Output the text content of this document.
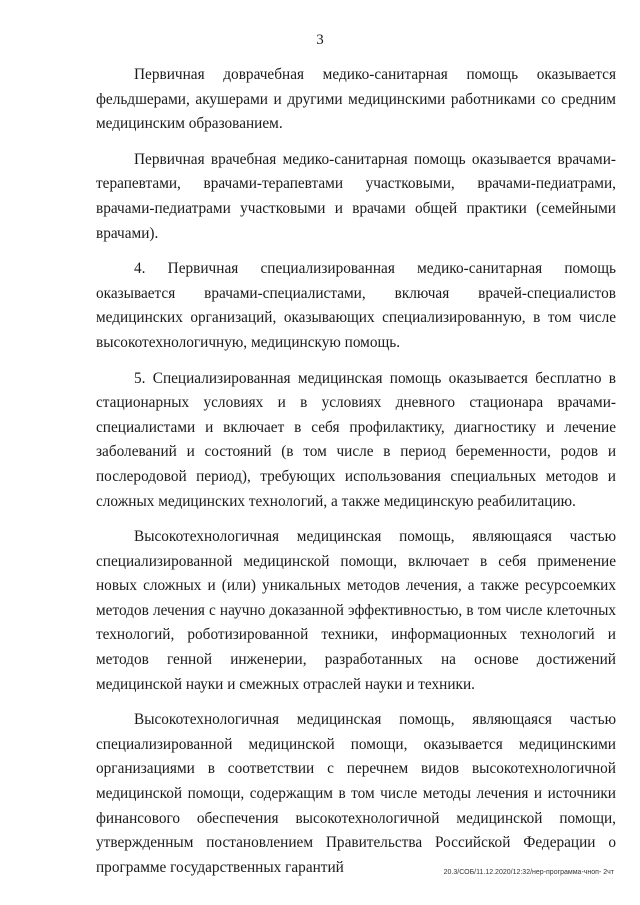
3

Первичная доврачебная медико-санитарная помощь оказывается фельдшерами, акушерами и другими медицинскими работниками со средним медицинским образованием.

Первичная врачебная медико-санитарная помощь оказывается врачами-терапевтами, врачами-терапевтами участковыми, врачами-педиатрами, врачами-педиатрами участковыми и врачами общей практики (семейными врачами).

4. Первичная специализированная медико-санитарная помощь оказывается врачами-специалистами, включая врачей-специалистов медицинских организаций, оказывающих специализированную, в том числе высокотехнологичную, медицинскую помощь.

5. Специализированная медицинская помощь оказывается бесплатно в стационарных условиях и в условиях дневного стационара врачами-специалистами и включает в себя профилактику, диагностику и лечение заболеваний и состояний (в том числе в период беременности, родов и послеродовой период), требующих использования специальных методов и сложных медицинских технологий, а также медицинскую реабилитацию.

Высокотехнологичная медицинская помощь, являющаяся частью специализированной медицинской помощи, включает в себя применение новых сложных и (или) уникальных методов лечения, а также ресурсоемких методов лечения с научно доказанной эффективностью, в том числе клеточных технологий, роботизированной техники, информационных технологий и методов генной инженерии, разработанных на основе достижений медицинской науки и смежных отраслей науки и техники.

Высокотехнологичная медицинская помощь, являющаяся частью специализированной медицинской помощи, оказывается медицинскими организациями в соответствии с перечнем видов высокотехнологичной медицинской помощи, содержащим в том числе методы лечения и источники финансового обеспечения высокотехнологичной медицинской помощи, утвержденным постановлением Правительства Российской Федерации о программе государственных гарантий	20.3/СОБ/11.12.2020/12:32/нер-программа-чноп- 2чт
